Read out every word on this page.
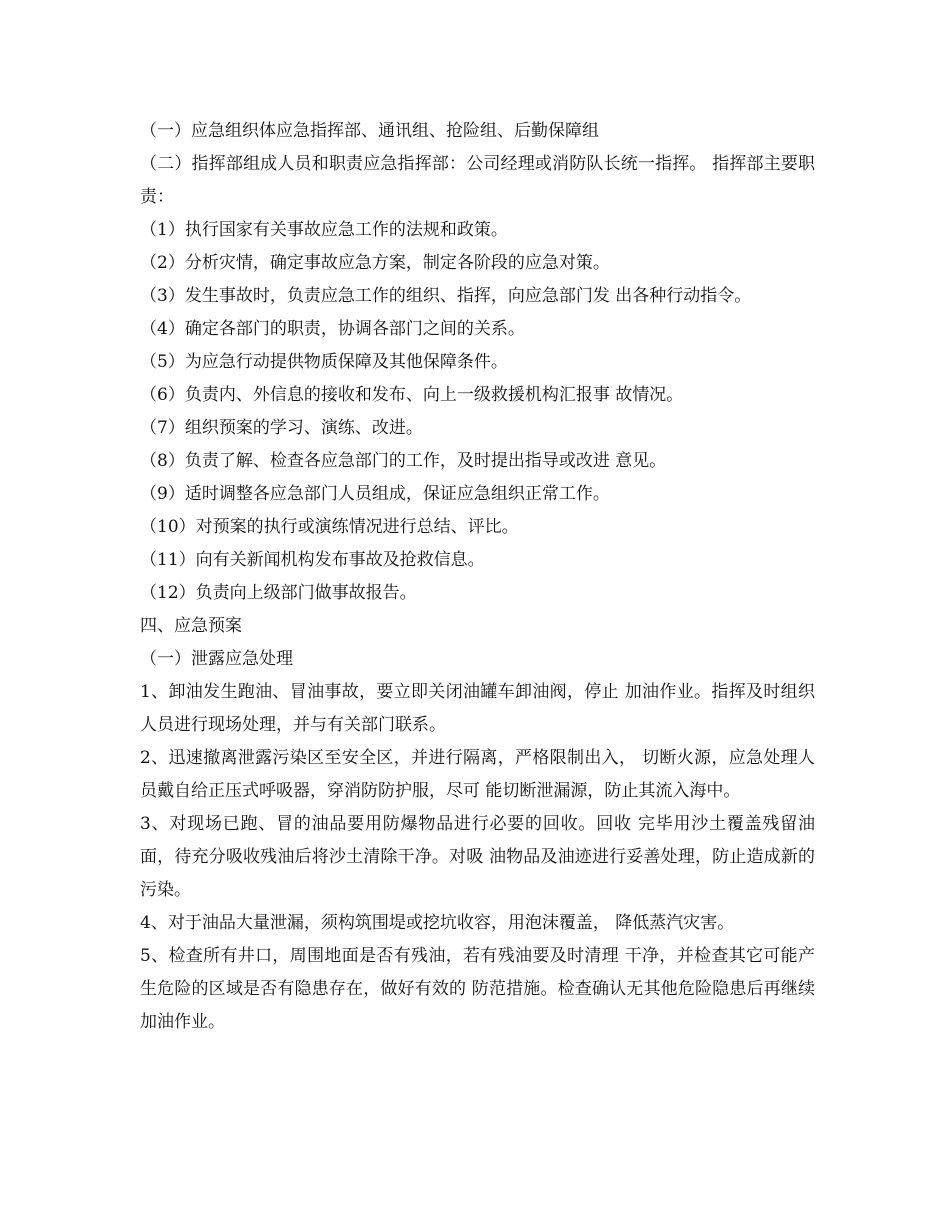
（一）应急组织体应急指挥部、通讯组、抢险组、后勤保障组

（二）指挥部组成人员和职责应急指挥部：公司经理或消防队长统一指挥。 指挥部主要职责：

（1）执行国家有关事故应急工作的法规和政策。

（2）分析灾情，确定事故应急方案，制定各阶段的应急对策。

（3）发生事故时，负责应急工作的组织、指挥，向应急部门发 出各种行动指令。

（4）确定各部门的职责，协调各部门之间的关系。

（5）为应急行动提供物质保障及其他保障条件。

（6）负责内、外信息的接收和发布、向上一级救援机构汇报事 故情况。

（7）组织预案的学习、演练、改进。

（8）负责了解、检查各应急部门的工作，及时提出指导或改进 意见。

（9）适时调整各应急部门人员组成，保证应急组织正常工作。

（10）对预案的执行或演练情况进行总结、评比。

（11）向有关新闻机构发布事故及抢救信息。

（12）负责向上级部门做事故报告。

四、应急预案

（一）泄露应急处理

1、卸油发生跑油、冒油事故，要立即关闭油罐车卸油阀，停止 加油作业。指挥及时组织人员进行现场处理，并与有关部门联系。

2、迅速撤离泄露污染区至安全区，并进行隔离，严格限制出入， 切断火源，应急处理人员戴自给正压式呼吸器，穿消防防护服，尽可 能切断泄漏源，防止其流入海中。

3、对现场已跑、冒的油品要用防爆物品进行必要的回收。回收 完毕用沙土覆盖残留油面，待充分吸收残油后将沙土清除干净。对吸 油物品及油迹进行妥善处理，防止造成新的污染。

4、对于油品大量泄漏，须构筑围堤或挖坑收容，用泡沫覆盖， 降低蒸汽灾害。

5、检查所有井口，周围地面是否有残油，若有残油要及时清理 干净，并检查其它可能产生危险的区域是否有隐患存在，做好有效的 防范措施。检查确认无其他危险隐患后再继续加油作业。
